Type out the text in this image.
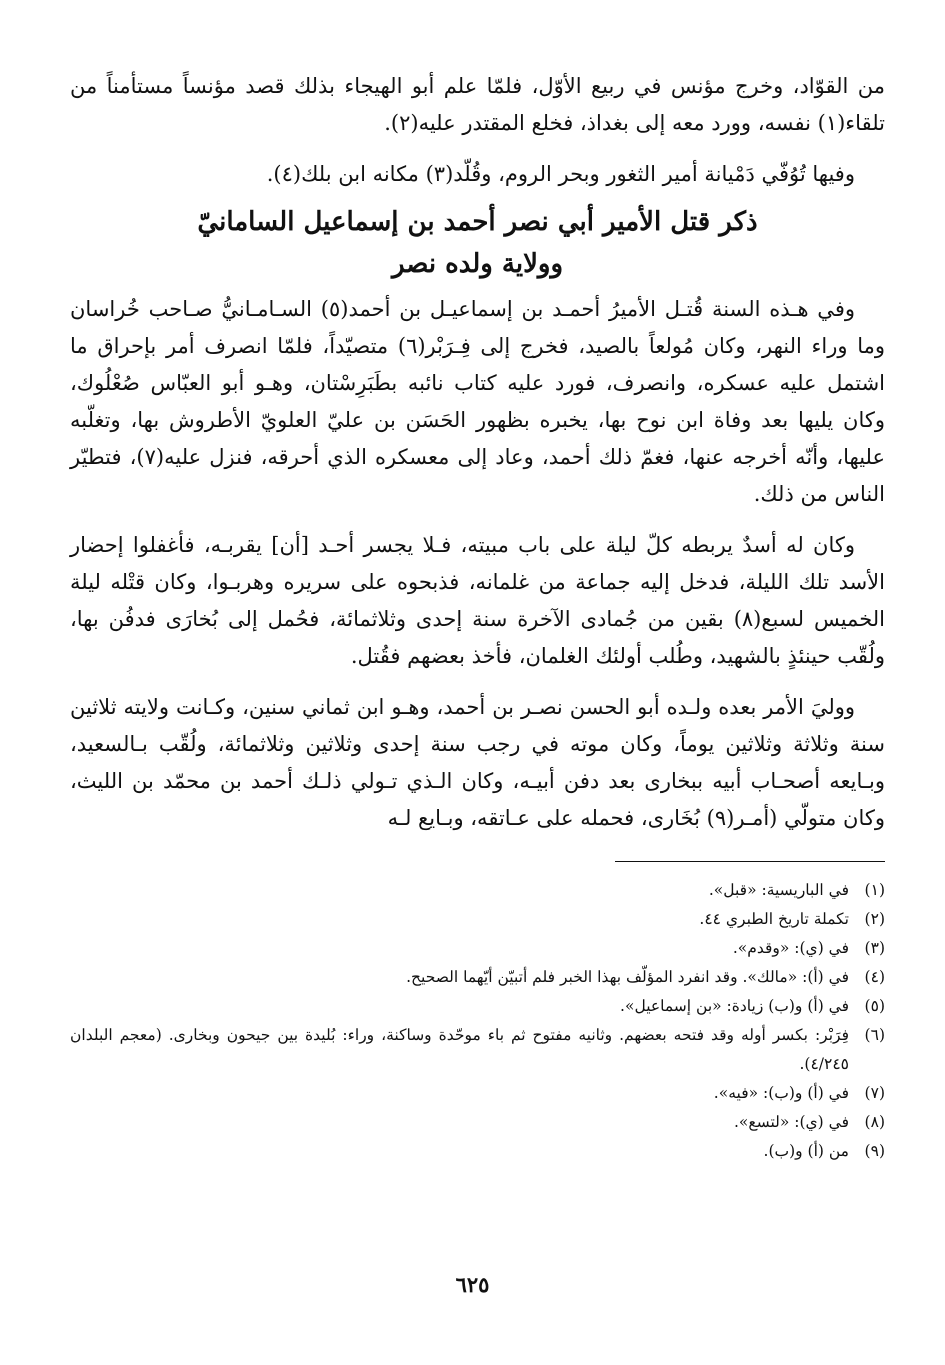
من القوّاد، وخرج مؤنس في ربيع الأوّل، فلمّا علم أبو الهيجاء بذلك قصد مؤنساً مستأمناً من تلقاء(١) نفسه، وورد معه إلى بغداذ، فخلع المقتدر عليه(٢).

وفيها تُوُفّي دَمْيانة أمير الثغور وبحر الروم، وقُلّد(٣) مكانه ابن بلك(٤).

ذكر قتل الأمير أبي نصر أحمد بن إسماعيل السامانيّ
وولاية ولده نصر

وفي هـذه السنة قُتـل الأميرُ أحمـد بن إسماعيـل بن أحمد(٥) السـامـانيُّ صـاحب خُراسان وما وراء النهر، وكان مُولعاً بالصيد، فخرج إلى فِـرَبْر(٦) متصيّداً، فلمّا انصرف أمر بإحراق ما اشتمل عليه عسكره، وانصرف، فورد عليه كتاب نائبه بطَبَرِسْتان، وهـو أبو العبّاس صُعْلُوك، وكان يليها بعد وفاة ابن نوح بها، يخبره بظهور الحَسَن بن عليّ العلويّ الأطروش بها، وتغلّبه عليها، وأنّه أخرجه عنها، فغمّ ذلك أحمد، وعاد إلى معسكره الذي أحرقه، فنزل عليه(٧)، فتطيّر الناس من ذلك.

وكان له أسدٌ يربطه كلّ ليلة على باب مبيته، فـلا يجسر أحـد [أن] يقربـه، فأغفلوا إحضار الأسد تلك الليلة، فدخل إليه جماعة من غلمانه، فذبحوه على سريره وهربـوا، وكان قتْله ليلة الخميس لسبع(٨) بقين من جُمادى الآخرة سنة إحدى وثلاثمائة، فحُمل إلى بُخارَى فدفُن بها، ولُقّب حينئذٍ بالشهيد، وطُلب أولئك الغلمان، فأخذ بعضهم فقُتل.

ووليَ الأمر بعده ولـده أبو الحسن نصـر بن أحمد، وهـو ابن ثماني سنين، وكـانت ولايته ثلاثين سنة وثلاثة وثلاثين يوماً، وكان موته في رجب سنة إحدى وثلاثين وثلاثمائة، ولُقّب بـالسعيد، وبـايعه أصحـاب أبيه ببخارى بعد دفن أبيـه، وكان الـذي تـولي ذلـك أحمد بن محمّد بن الليث، وكان متولّي (أمـر(٩) بُخَارى، فحمله على عـاتقه، وبـايع لـه

(١)
في الباريسية: «قبل».
(٢)
تكملة تاريخ الطبري ٤٤.
(٣)
في (ي): «وقدم».
(٤)
في (أ): «مالك». وقد انفرد المؤلّف بهذا الخبر فلم أتبيّن أيّهما الصحيح.
(٥)
في (أ) و(ب) زيادة: «بن إسماعيل».
(٦)
فِرَبْر: بكسر أوله وقد فتحه بعضهم. وثانيه مفتوح ثم باء موحّدة وساكنة، وراء: بُليدة بين جيحون وبخارى. (معجم البلدان ٤/٢٤٥).
(٧)
في (أ) و(ب): «فيه».
(٨)
في (ي): «لتسع».
(٩)
من (أ) و(ب).
٦٢٥
